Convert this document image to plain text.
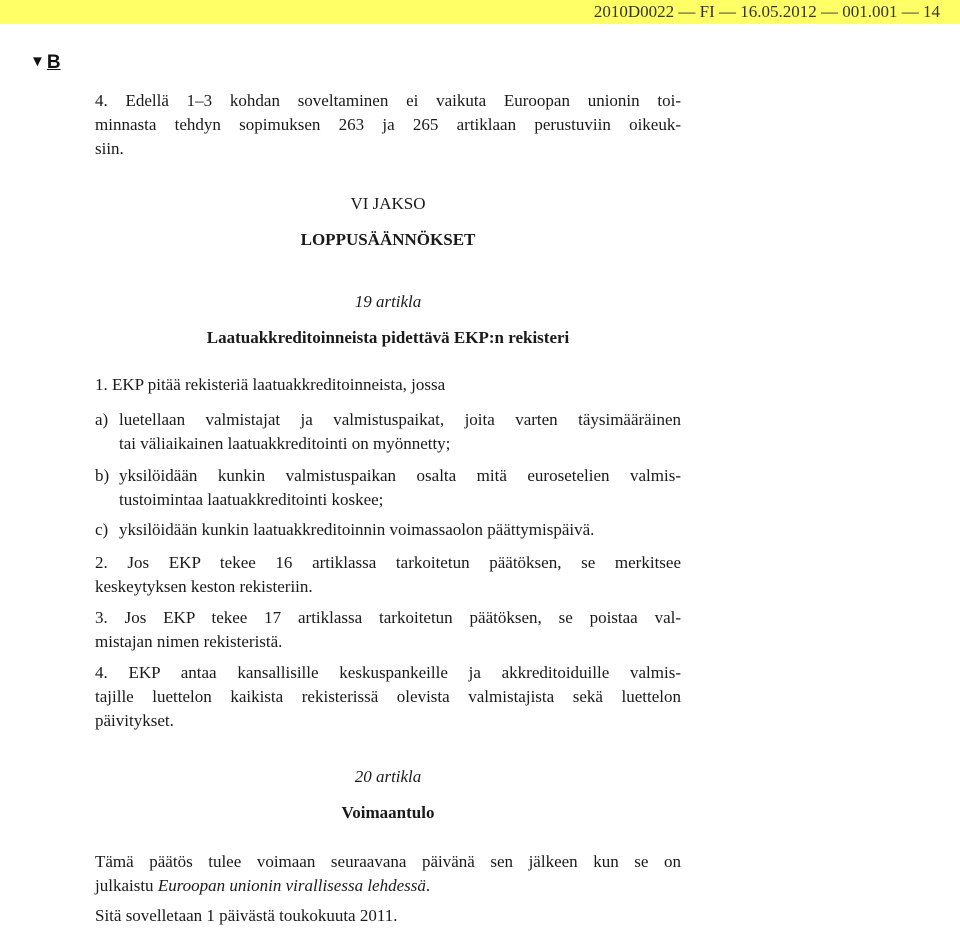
2010D0022 — FI — 16.05.2012 — 001.001 — 14
▼ B
4. Edellä 1–3 kohdan soveltaminen ei vaikuta Euroopan unionin toi-
minnasta tehdyn sopimuksen 263 ja 265 artiklaan perustuviin oikeuk-
siin.
VI JAKSO
LOPPUSÄÄNNÖKSET
19 artikla
Laatuakkreditoinneista pidettävä EKP:n rekisteri
1. EKP pitää rekisteriä laatuakkreditoinneista, jossa
a) luetellaan valmistajat ja valmistuspaikat, joita varten täysimääräinen
tai väliaikainen laatuakkreditointi on myönnetty;
b) yksilöidään kunkin valmistuspaikan osalta mitä eurosetelien valmis-
tustoimintaa laatuakkreditointi koskee;
c) yksilöidään kunkin laatuakkreditoinnin voimassaolon päättymispäivä.
2. Jos EKP tekee 16 artiklassa tarkoitetun päätöksen, se merkitsee
keskeytyksen keston rekisteriin.
3. Jos EKP tekee 17 artiklassa tarkoitetun päätöksen, se poistaa val-
mistajan nimen rekisteristä.
4. EKP antaa kansallisille keskuspankeille ja akkreditoiduille valmis-
tajille luettelon kaikista rekisterissä olevista valmistajista sekä luettelon
päivitykset.
20 artikla
Voimaantulo
Tämä päätös tulee voimaan seuraavana päivänä sen jälkeen kun se on
julkaistu Euroopan unionin virallisessa lehdessä.
Sitä sovelletaan 1 päivästä toukokuuta 2011.
